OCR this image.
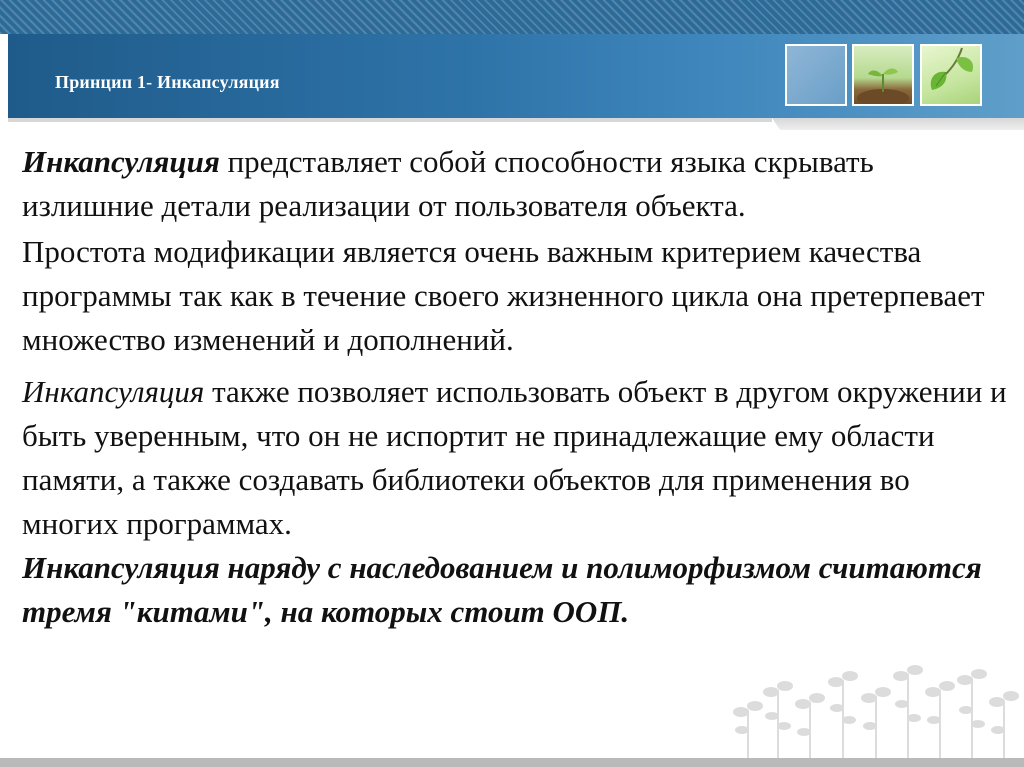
Принцип 1- Инкапсуляция

Инкапсуляция представляет собой способности языка скрывать излишние детали реализации от пользователя объекта.

Простота модификации является очень важным критерием качества программы так как в течение своего жизненного цикла она претерпевает множество изменений и дополнений.

Инкапсуляция также позволяет использовать объект в другом окружении и быть уверенным, что он не испортит не принадлежащие ему области памяти, а также создавать библиотеки объектов для применения во многих программах.

Инкапсуляция наряду с наследованием и полиморфизмом считаются тремя "китами", на которых стоит ООП.
